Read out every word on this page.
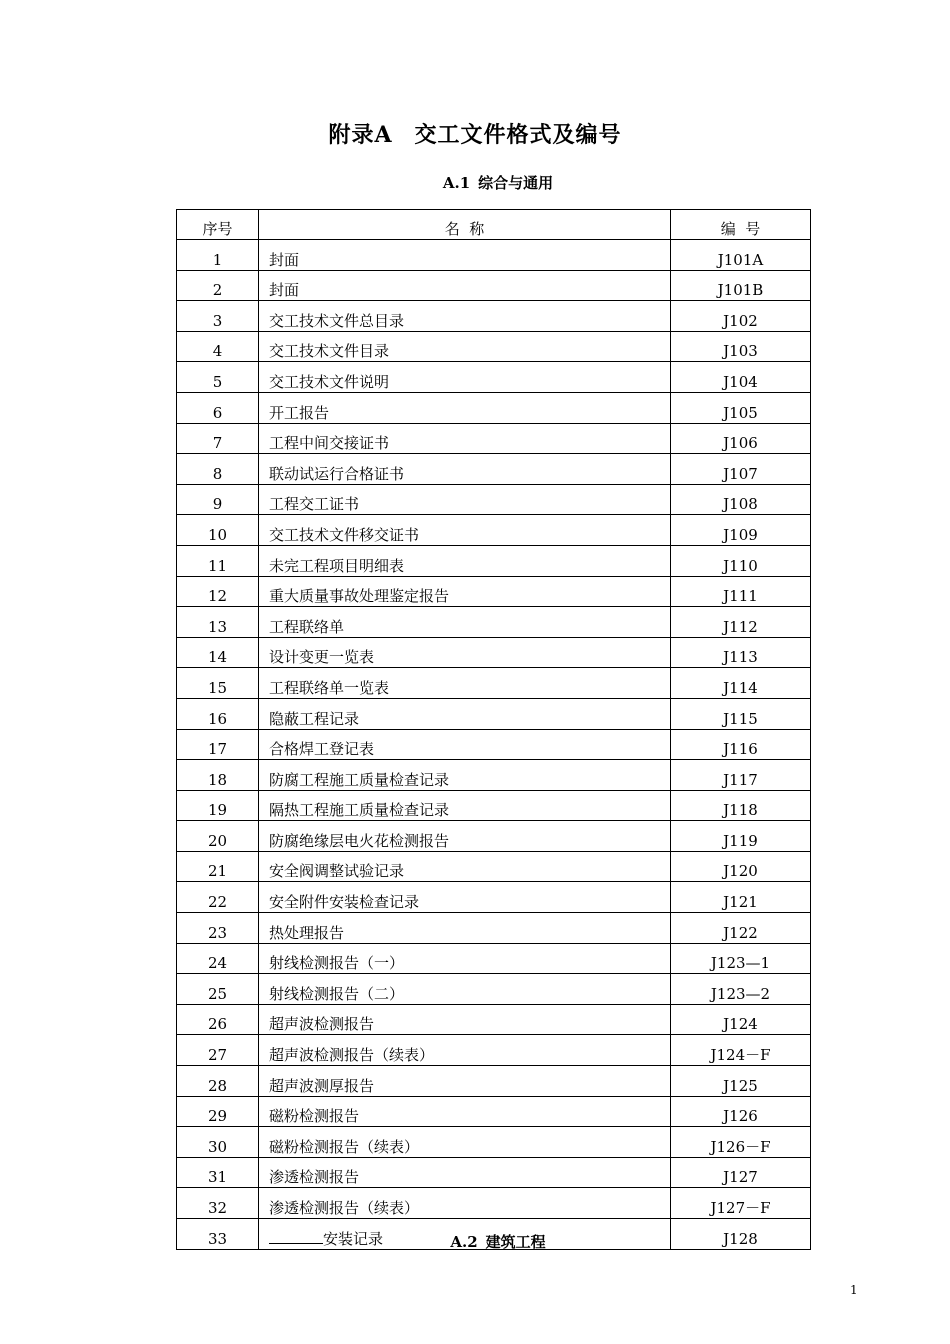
附录A 交工文件格式及编号
A.1 综合与通用
序号	名  称	编  号
1	封面	J101A
2	封面	J101B
3	交工技术文件总目录	J102
4	交工技术文件目录	J103
5	交工技术文件说明	J104
6	开工报告	J105
7	工程中间交接证书	J106
8	联动试运行合格证书	J107
9	工程交工证书	J108
10	交工技术文件移交证书	J109
11	未完工程项目明细表	J110
12	重大质量事故处理鉴定报告	J111
13	工程联络单	J112
14	设计变更一览表	J113
15	工程联络单一览表	J114
16	隐蔽工程记录	J115
17	合格焊工登记表	J116
18	防腐工程施工质量检查记录	J117
19	隔热工程施工质量检查记录	J118
20	防腐绝缘层电火花检测报告	J119
21	安全阀调整试验记录	J120
22	安全附件安装检查记录	J121
23	热处理报告	J122
24	射线检测报告（一）	J123—1
25	射线检测报告（二）	J123—2
26	超声波检测报告	J124
27	超声波检测报告（续表）	J124－F
28	超声波测厚报告	J125
29	磁粉检测报告	J126
30	磁粉检测报告（续表）	J126－F
31	渗透检测报告	J127
32	渗透检测报告（续表）	J127－F
33	安装记录	J128
A.2 建筑工程
1
